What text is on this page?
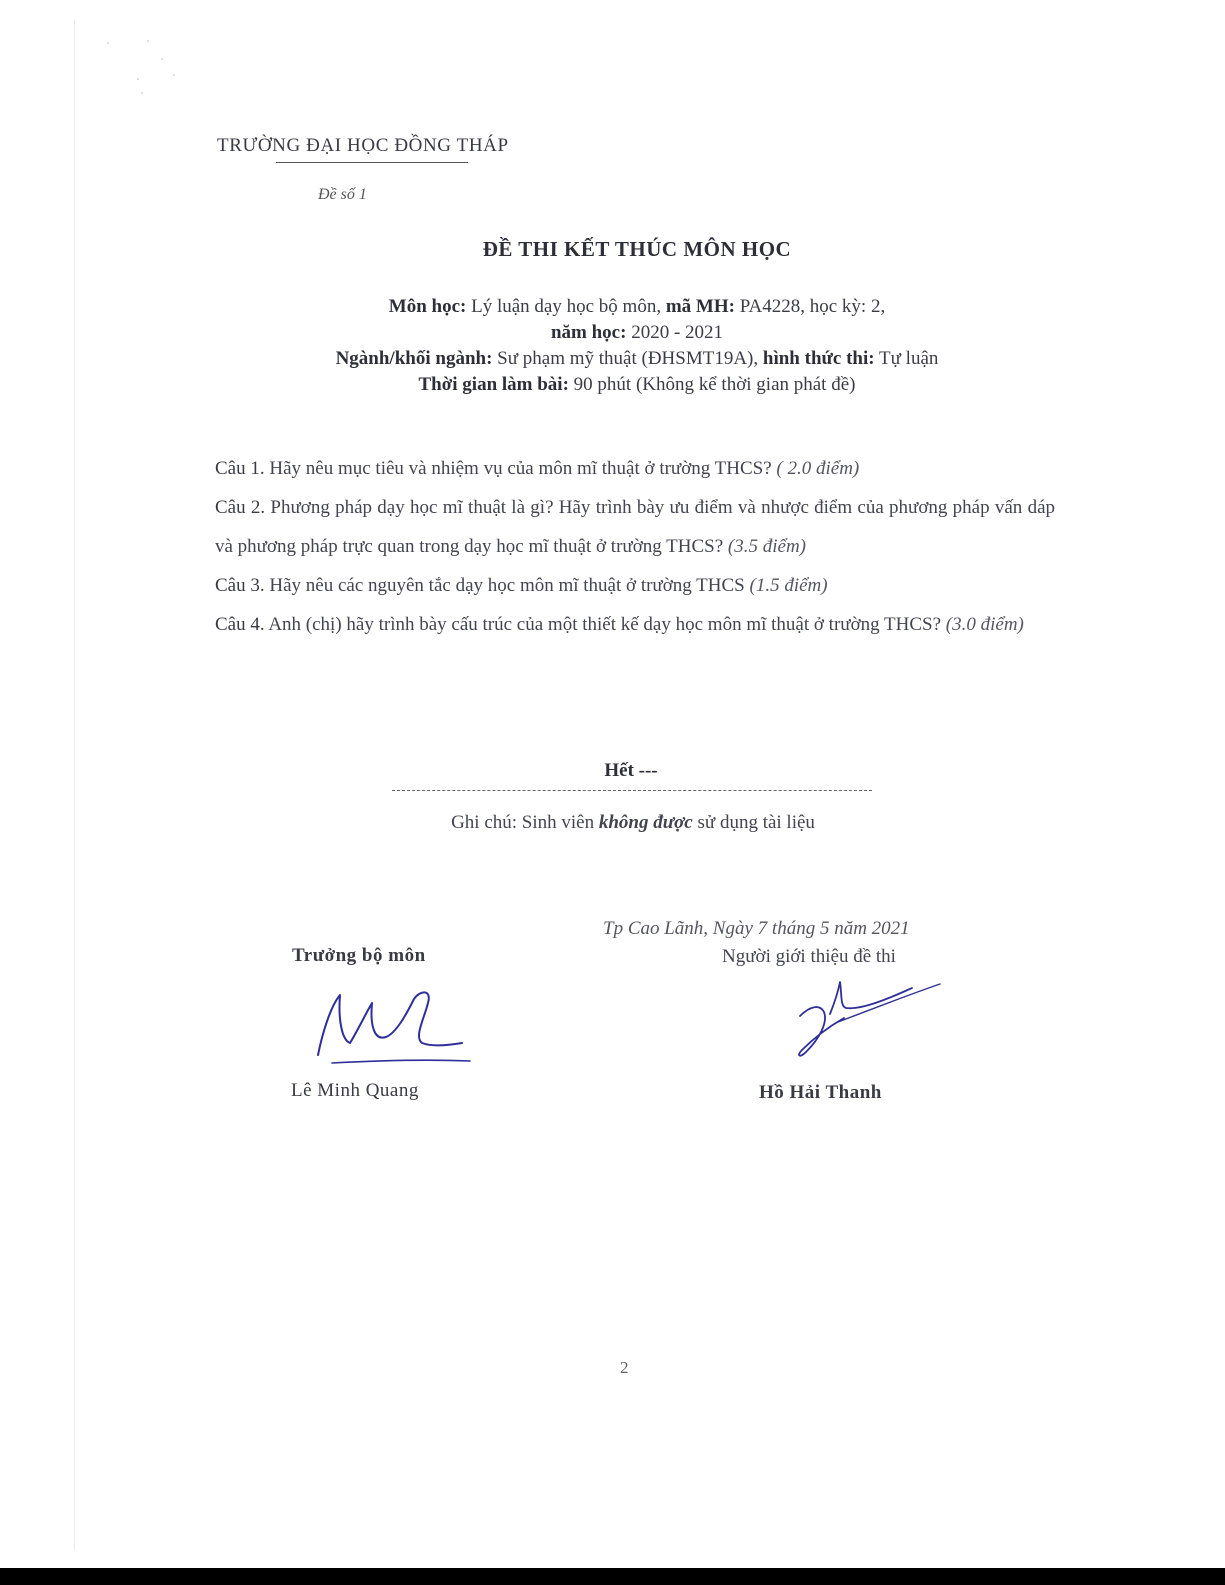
TRƯỜNG ĐẠI HỌC ĐỒNG THÁP
Đề số 1
ĐỀ THI KẾT THÚC MÔN HỌC
Môn học: Lý luận dạy học bộ môn, mã MH: PA4228, học kỳ: 2,
năm học: 2020 - 2021
Ngành/khối ngành: Sư phạm mỹ thuật (ĐHSMT19A), hình thức thi: Tự luận
Thời gian làm bài: 90 phút (Không kể thời gian phát đề)

Câu 1. Hãy nêu mục tiêu và nhiệm vụ của môn mĩ thuật ở trường THCS? ( 2.0 điểm)

Câu 2. Phương pháp dạy học mĩ thuật là gì? Hãy trình bày ưu điểm và nhược điểm của phương pháp vấn dáp và phương pháp trực quan trong dạy học mĩ thuật ở trường THCS? (3.5 điểm)

Câu 3. Hãy nêu các nguyên tắc dạy học môn mĩ thuật ở trường THCS (1.5 điểm)

Câu 4. Anh (chị) hãy trình bày cấu trúc của một thiết kế dạy học môn mĩ thuật ở trường THCS? (3.0 điểm)

Hết ---
Ghi chú: Sinh viên không được sử dụng tài liệu
Tp Cao Lãnh, Ngày 7 tháng 5 năm 2021
Trưởng bộ môn	Người giới thiệu đề thi
Lê Minh Quang	Hồ Hải Thanh
2
